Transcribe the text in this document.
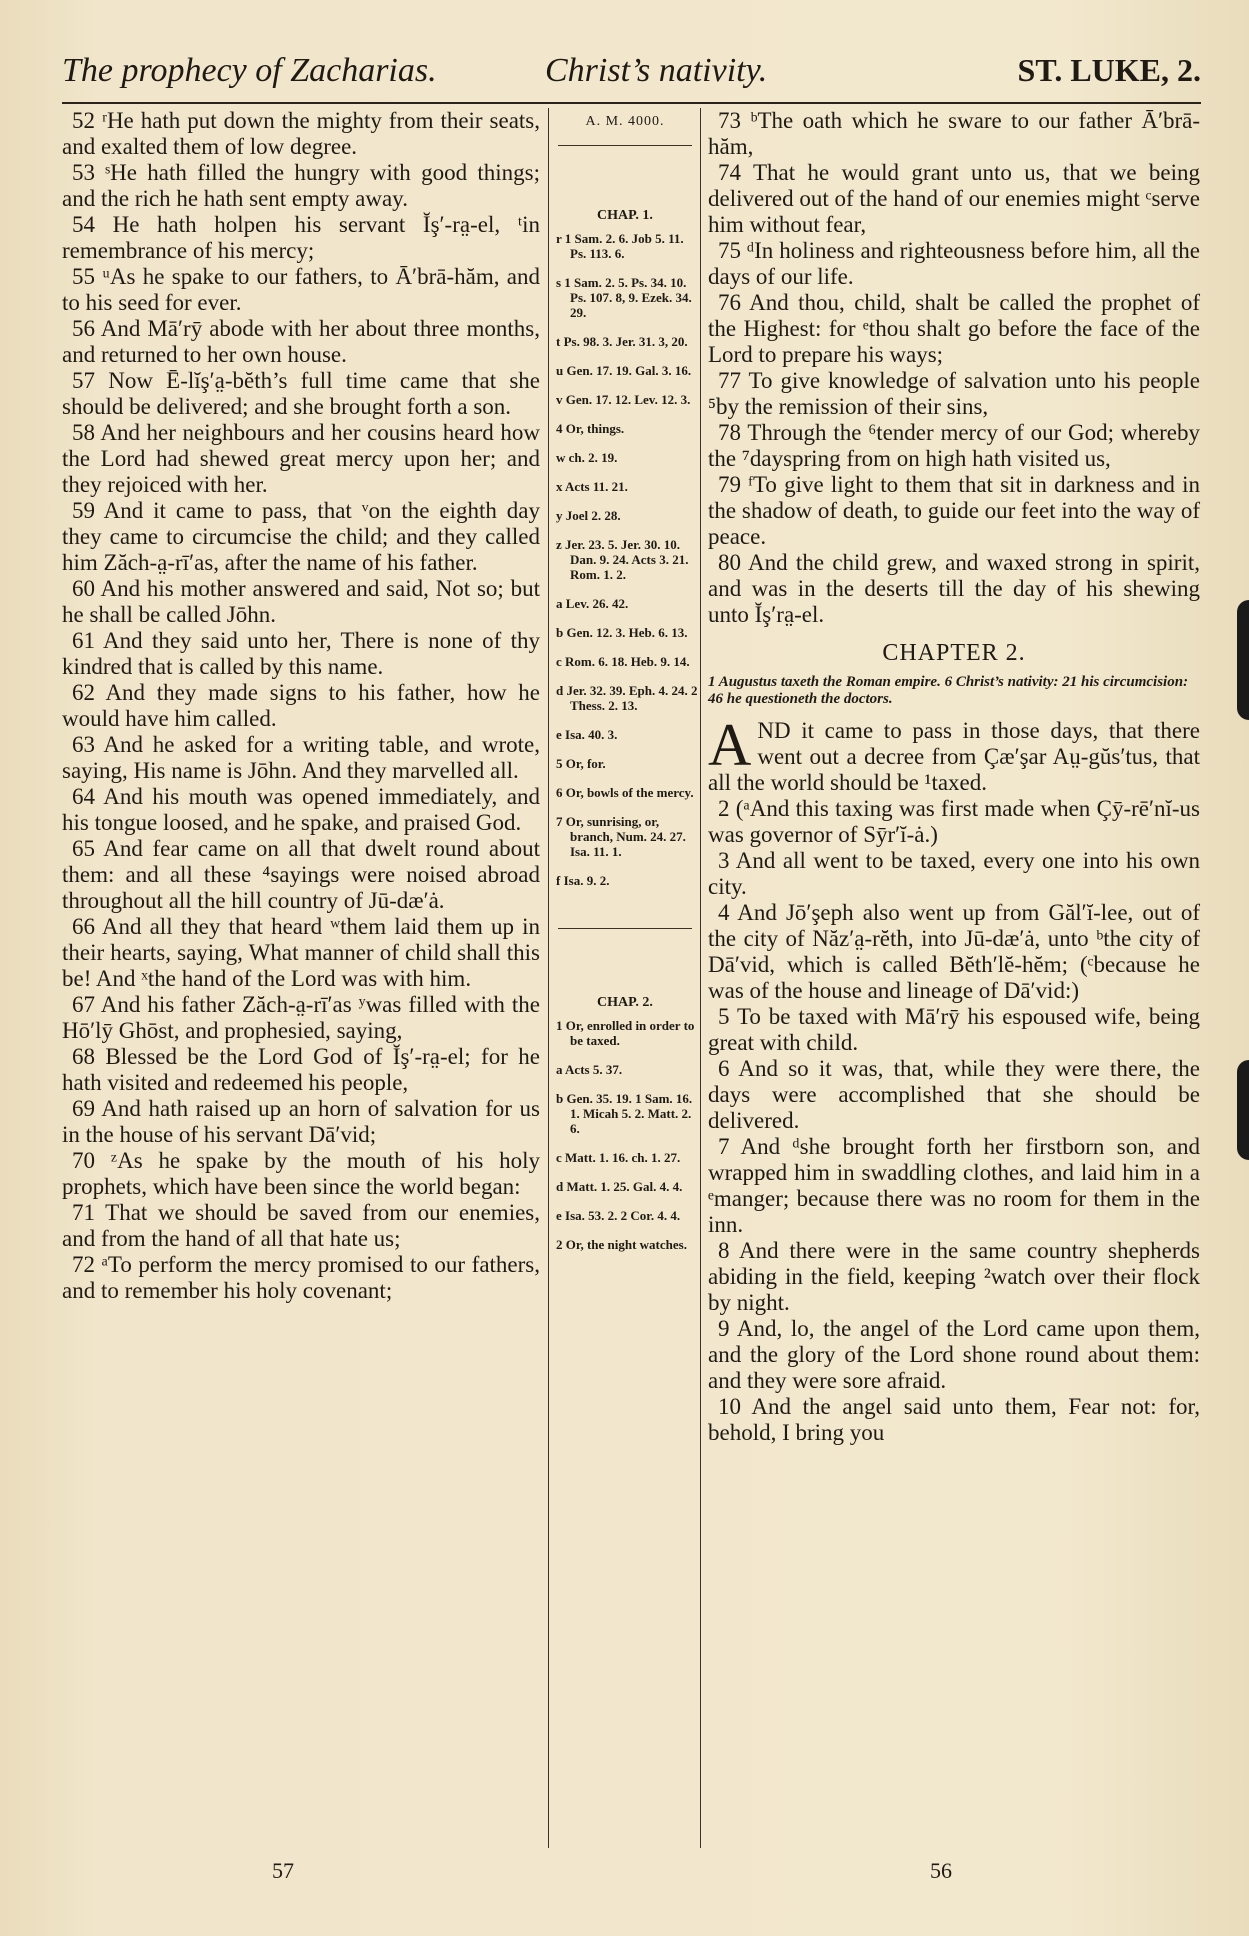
The prophecy of Zacharias.	Christ’s nativity.	ST. LUKE, 2.

52 ʳHe hath put down the mighty from their seats, and exalted them of low degree.

53 ˢHe hath filled the hungry with good things; and the rich he hath sent empty away.

54 He hath holpen his servant Ĭş′-ra̤-el, ᵗin remembrance of his mercy;

55 ᵘAs he spake to our fathers, to Ā′brā-hăm, and to his seed for ever.

56 And Mā′rȳ abode with her about three months, and returned to her own house.

57 Now Ē-lĭş′a̤-bĕth’s full time came that she should be delivered; and she brought forth a son.

58 And her neighbours and her cousins heard how the Lord had shewed great mercy upon her; and they rejoiced with her.

59 And it came to pass, that ᵛon the eighth day they came to circumcise the child; and they called him Zăch-a̤-rī′as, after the name of his father.

60 And his mother answered and said, Not so; but he shall be called Jōhn.

61 And they said unto her, There is none of thy kindred that is called by this name.

62 And they made signs to his father, how he would have him called.

63 And he asked for a writing table, and wrote, saying, His name is Jōhn. And they marvelled all.

64 And his mouth was opened immediately, and his tongue loosed, and he spake, and praised God.

65 And fear came on all that dwelt round about them: and all these ⁴sayings were noised abroad throughout all the hill country of Jū-dæ′ȧ.

66 And all they that heard ʷthem laid them up in their hearts, saying, What manner of child shall this be! And ˣthe hand of the Lord was with him.

67 And his father Zăch-a̤-rī′as ʸwas filled with the Hō′lȳ Ghōst, and prophesied, saying,

68 Blessed be the Lord God of Ĭş′-ra̤-el; for he hath visited and redeemed his people,

69 And hath raised up an horn of salvation for us in the house of his servant Dā′vid;

70 ᶻAs he spake by the mouth of his holy prophets, which have been since the world began:

71 That we should be saved from our enemies, and from the hand of all that hate us;

72 ᵃTo perform the mercy promised to our fathers, and to remember his holy covenant;

A. M. 4000.
CHAP. 1.

r 1 Sam. 2. 6. Job 5. 11. Ps. 113. 6.

s 1 Sam. 2. 5. Ps. 34. 10. Ps. 107. 8, 9. Ezek. 34. 29.

t Ps. 98. 3. Jer. 31. 3, 20.

u Gen. 17. 19. Gal. 3. 16.

v Gen. 17. 12. Lev. 12. 3.

4 Or, things.

w ch. 2. 19.

x Acts 11. 21.

y Joel 2. 28.

z Jer. 23. 5. Jer. 30. 10. Dan. 9. 24. Acts 3. 21. Rom. 1. 2.

a Lev. 26. 42.

b Gen. 12. 3. Heb. 6. 13.

c Rom. 6. 18. Heb. 9. 14.

d Jer. 32. 39. Eph. 4. 24. 2 Thess. 2. 13.

e Isa. 40. 3.

5 Or, for.

6 Or, bowls of the mercy.

7 Or, sunrising, or, branch, Num. 24. 27. Isa. 11. 1.

f Isa. 9. 2.

CHAP. 2.

1 Or, enrolled in order to be taxed.

a Acts 5. 37.

b Gen. 35. 19. 1 Sam. 16. 1. Micah 5. 2. Matt. 2. 6.

c Matt. 1. 16. ch. 1. 27.

d Matt. 1. 25. Gal. 4. 4.

e Isa. 53. 2. 2 Cor. 4. 4.

2 Or, the night watches.

73 ᵇThe oath which he sware to our father Ā′brā-hăm,

74 That he would grant unto us, that we being delivered out of the hand of our enemies might ᶜserve him without fear,

75 ᵈIn holiness and righteousness before him, all the days of our life.

76 And thou, child, shalt be called the prophet of the Highest: for ᵉthou shalt go before the face of the Lord to prepare his ways;

77 To give knowledge of salvation unto his people ⁵by the remission of their sins,

78 Through the ⁶tender mercy of our God; whereby the ⁷dayspring from on high hath visited us,

79 ᶠTo give light to them that sit in darkness and in the shadow of death, to guide our feet into the way of peace.

80 And the child grew, and waxed strong in spirit, and was in the deserts till the day of his shewing unto Ĭş′ra̤-el.

CHAPTER 2.

1 Augustus taxeth the Roman empire. 6 Christ’s nativity: 21 his circumcision: 46 he questioneth the doctors.

AND it came to pass in those days, that there went out a decree from Çæ′şar Aṳ-gŭs′tus, that all the world should be ¹taxed.

2 (ᵃAnd this taxing was first made when Çȳ-rē′nĭ-us was governor of Sȳr′ĭ-ȧ.)

3 And all went to be taxed, every one into his own city.

4 And Jō′şeph also went up from Găl′ĭ-lee, out of the city of Năz′a̤-rĕth, into Jū-dæ′ȧ, unto ᵇthe city of Dā′vid, which is called Bĕth′lĕ-hĕm; (ᶜbecause he was of the house and lineage of Dā′vid:)

5 To be taxed with Mā′rȳ his espoused wife, being great with child.

6 And so it was, that, while they were there, the days were accomplished that she should be delivered.

7 And ᵈshe brought forth her firstborn son, and wrapped him in swaddling clothes, and laid him in a ᵉmanger; because there was no room for them in the inn.

8 And there were in the same country shepherds abiding in the field, keeping ²watch over their flock by night.

9 And, lo, the angel of the Lord came upon them, and the glory of the Lord shone round about them: and they were sore afraid.

10 And the angel said unto them, Fear not: for, behold, I bring you

57	56
